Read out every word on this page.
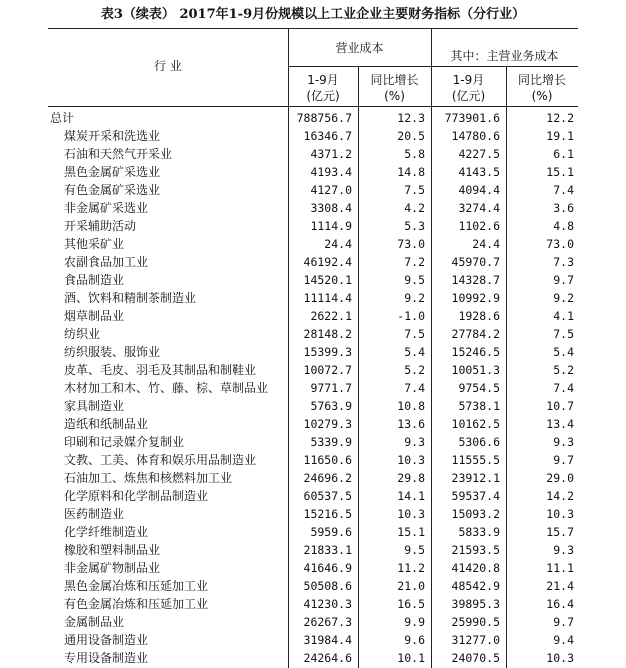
表3（续表） 2017年1-9月份规模以上工业企业主要财务指标（分行业）
行 业
营业成本
其中：主营业务成本
1-9月
(亿元)
同比增长
(%)
1-9月
(亿元)
同比增长
(%)
总计	788756.7	12.3	773901.6	12.2
煤炭开采和洗选业	16346.7	20.5	14780.6	19.1
石油和天然气开采业	4371.2	5.8	4227.5	6.1
黑色金属矿采选业	4193.4	14.8	4143.5	15.1
有色金属矿采选业	4127.0	7.5	4094.4	7.4
非金属矿采选业	3308.4	4.2	3274.4	3.6
开采辅助活动	1114.9	5.3	1102.6	4.8
其他采矿业	24.4	73.0	24.4	73.0
农副食品加工业	46192.4	7.2	45970.7	7.3
食品制造业	14520.1	9.5	14328.7	9.7
酒、饮料和精制茶制造业	11114.4	9.2	10992.9	9.2
烟草制品业	2622.1	-1.0	1928.6	4.1
纺织业	28148.2	7.5	27784.2	7.5
纺织服装、服饰业	15399.3	5.4	15246.5	5.4
皮革、毛皮、羽毛及其制品和制鞋业	10072.7	5.2	10051.3	5.2
木材加工和木、竹、藤、棕、草制品业	9771.7	7.4	9754.5	7.4
家具制造业	5763.9	10.8	5738.1	10.7
造纸和纸制品业	10279.3	13.6	10162.5	13.4
印刷和记录媒介复制业	5339.9	9.3	5306.6	9.3
文教、工美、体育和娱乐用品制造业	11650.6	10.3	11555.5	9.7
石油加工、炼焦和核燃料加工业	24696.2	29.8	23912.1	29.0
化学原料和化学制品制造业	60537.5	14.1	59537.4	14.2
医药制造业	15216.5	10.3	15093.2	10.3
化学纤维制造业	5959.6	15.1	5833.9	15.7
橡胶和塑料制品业	21833.1	9.5	21593.5	9.3
非金属矿物制品业	41646.9	11.2	41420.8	11.1
黑色金属冶炼和压延加工业	50508.6	21.0	48542.9	21.4
有色金属冶炼和压延加工业	41230.3	16.5	39895.3	16.4
金属制品业	26267.3	9.9	25990.5	9.7
通用设备制造业	31984.4	9.6	31277.0	9.4
专用设备制造业	24264.6	10.1	24070.5	10.3
